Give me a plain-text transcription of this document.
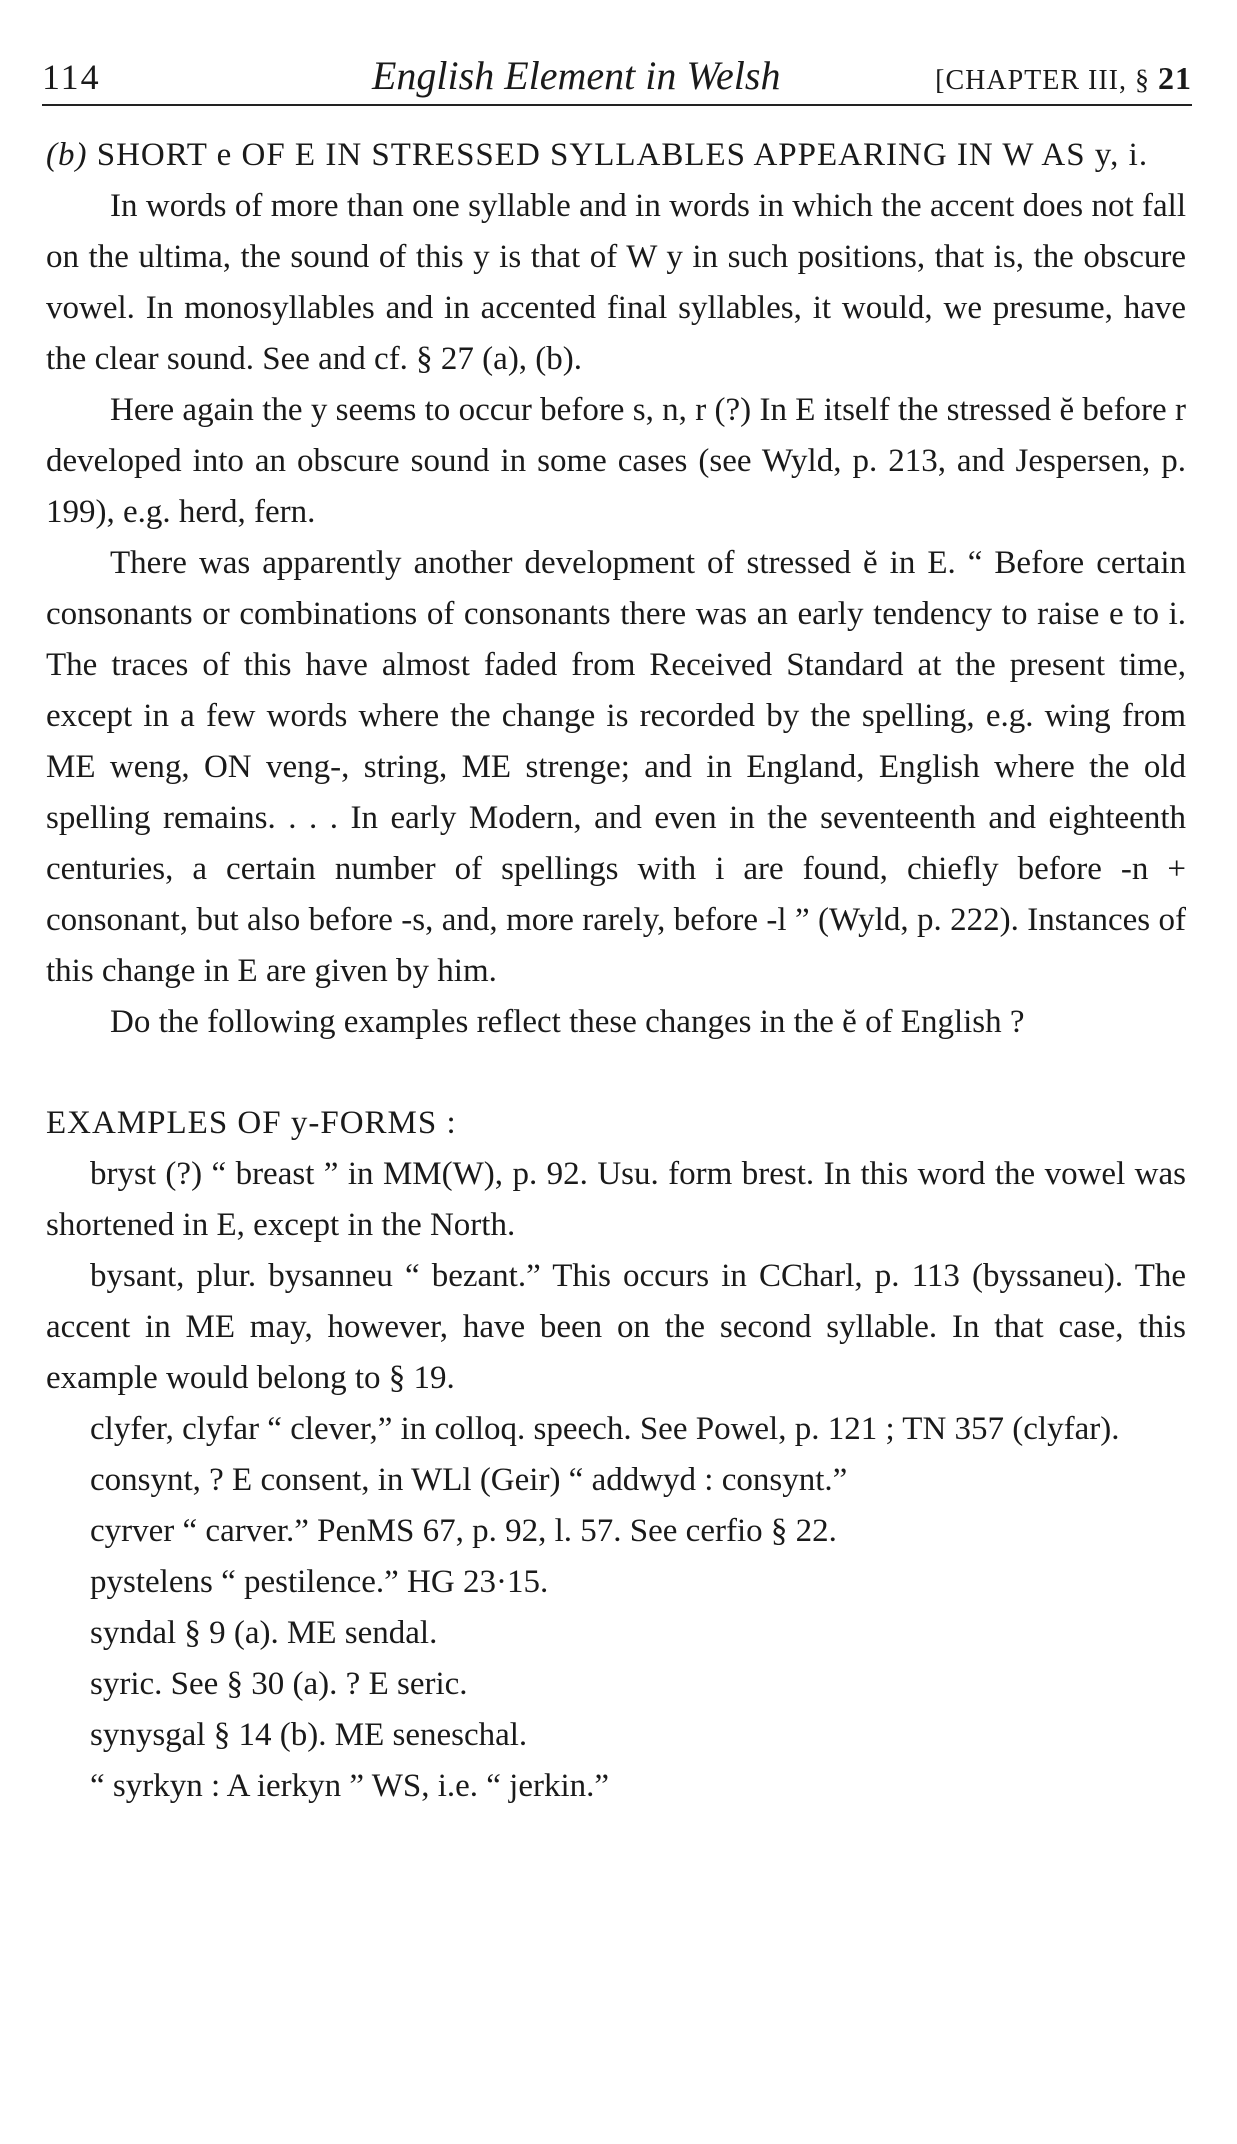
114	English Element in Welsh	[CHAPTER III, § 21

(b) SHORT e OF E IN STRESSED SYLLABLES APPEARING IN W AS y, i.

In words of more than one syllable and in words in which the accent does not fall on the ultima, the sound of this y is that of W y in such positions, that is, the obscure vowel. In monosyllables and in accented final syllables, it would, we presume, have the clear sound. See and cf. § 27 (a), (b).

Here again the y seems to occur before s, n, r (?) In E itself the stressed ĕ before r developed into an obscure sound in some cases (see Wyld, p. 213, and Jespersen, p. 199), e.g. herd, fern.

There was apparently another development of stressed ĕ in E. “ Before certain consonants or combinations of consonants there was an early tendency to raise e to i. The traces of this have almost faded from Received Standard at the present time, except in a few words where the change is recorded by the spelling, e.g. wing from ME weng, ON veng-, string, ME strenge; and in England, English where the old spelling remains. . . . In early Modern, and even in the seventeenth and eighteenth centuries, a certain number of spellings with i are found, chiefly before -n + consonant, but also before -s, and, more rarely, before -l ” (Wyld, p. 222). Instances of this change in E are given by him.

Do the following examples reflect these changes in the ĕ of English ?

EXAMPLES OF y-FORMS :

bryst (?) “ breast ” in MM(W), p. 92. Usu. form brest. In this word the vowel was shortened in E, except in the North.

bysant, plur. bysanneu “ bezant.” This occurs in CCharl, p. 113 (byssaneu). The accent in ME may, however, have been on the second syllable. In that case, this example would belong to § 19.

clyfer, clyfar “ clever,” in colloq. speech. See Powel, p. 121 ; TN 357 (clyfar).

consynt, ? E consent, in WLl (Geir) “ addwyd : consynt.”

cyrver “ carver.” PenMS 67, p. 92, l. 57. See cerfio § 22.

pystelens “ pestilence.” HG 23·15.

syndal § 9 (a). ME sendal.

syric. See § 30 (a). ? E seric.

synysgal § 14 (b). ME seneschal.

“ syrkyn : A ierkyn ” WS, i.e. “ jerkin.”
